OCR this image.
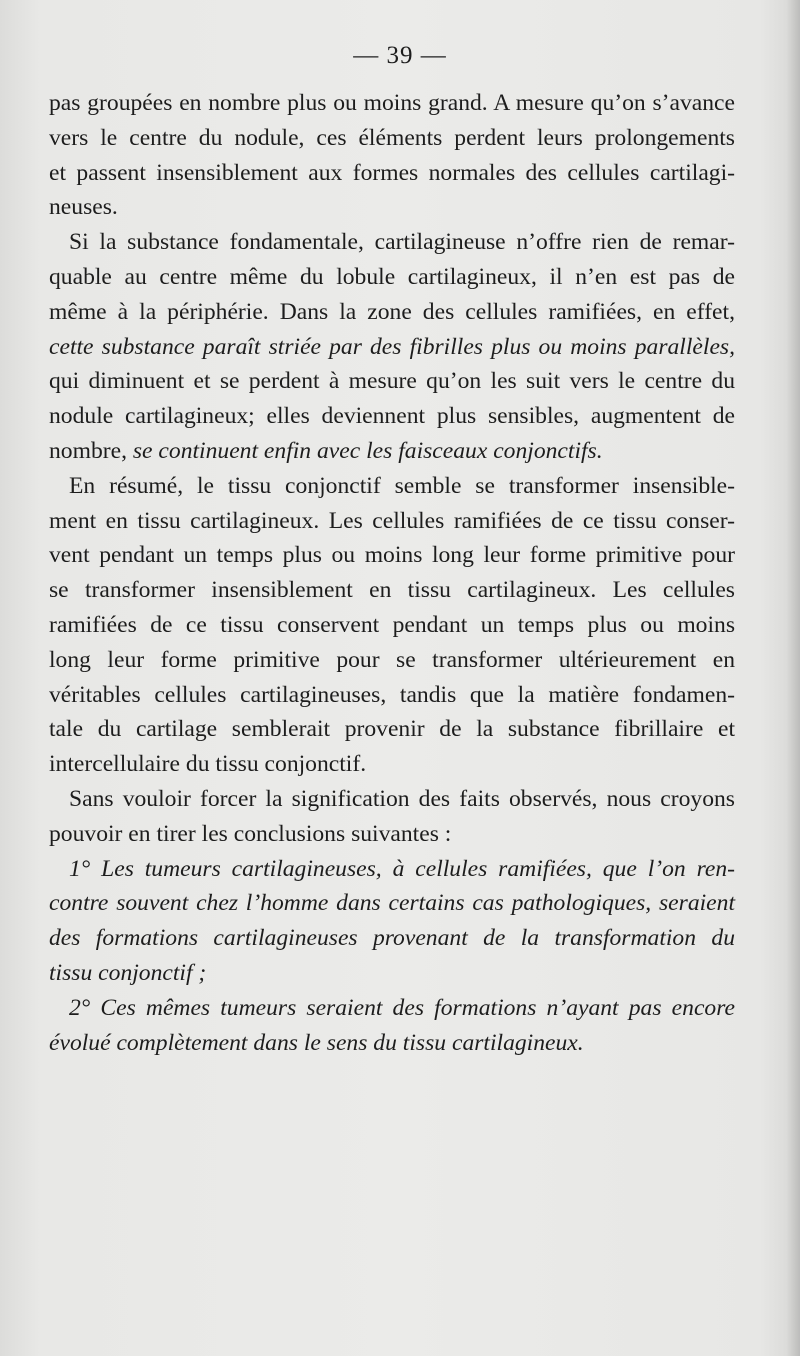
— 39 —

pas groupées en nombre plus ou moins grand. A mesure qu’on s’avance
vers le centre du nodule, ces éléments perdent leurs prolongements
et passent insensiblement aux formes normales des cellules cartilagi-
neuses.

Si la substance fondamentale, cartilagineuse n’offre rien de remar-
quable au centre même du lobule cartilagineux, il n’en est pas de
même à la périphérie. Dans la zone des cellules ramifiées, en effet,
cette substance paraît striée par des fibrilles plus ou moins parallèles,
qui diminuent et se perdent à mesure qu’on les suit vers le centre du
nodule cartilagineux; elles deviennent plus sensibles, augmentent de
nombre, se continuent enfin avec les faisceaux conjonctifs.

En résumé, le tissu conjonctif semble se transformer insensible-
ment en tissu cartilagineux. Les cellules ramifiées de ce tissu conser-
vent pendant un temps plus ou moins long leur forme primitive pour
se transformer insensiblement en tissu cartilagineux. Les cellules
ramifiées de ce tissu conservent pendant un temps plus ou moins
long leur forme primitive pour se transformer ultérieurement en
véritables cellules cartilagineuses, tandis que la matière fondamen-
tale du cartilage semblerait provenir de la substance fibrillaire et
intercellulaire du tissu conjonctif.

Sans vouloir forcer la signification des faits observés, nous croyons
pouvoir en tirer les conclusions suivantes :

1° Les tumeurs cartilagineuses, à cellules ramifiées, que l’on ren-
contre souvent chez l’homme dans certains cas pathologiques, seraient
des formations cartilagineuses provenant de la transformation du
tissu conjonctif ;

2° Ces mêmes tumeurs seraient des formations n’ayant pas encore
évolué complètement dans le sens du tissu cartilagineux.
